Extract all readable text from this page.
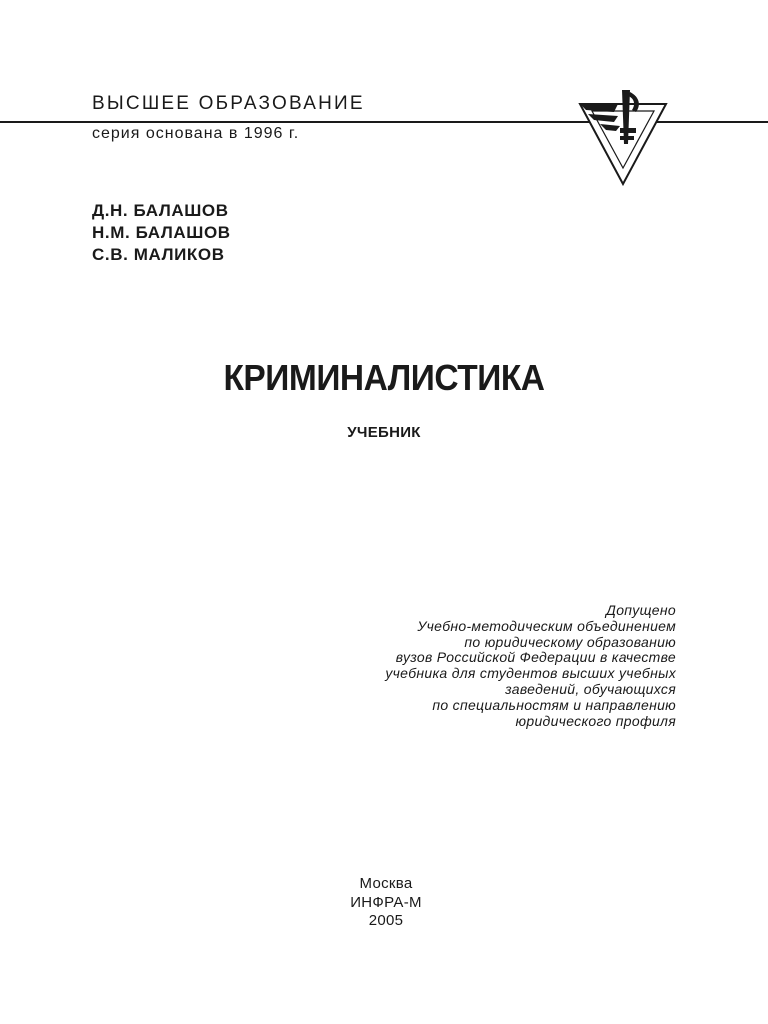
ВЫСШЕЕ ОБРАЗОВАНИЕ
серия основана в 1996 г.
Д.Н. БАЛАШОВ
Н.М. БАЛАШОВ
С.В. МАЛИКОВ
КРИМИНАЛИСТИКА
УЧЕБНИК
Допущено
Учебно-методическим объединением
по юридическому образованию
вузов Российской Федерации в качестве
учебника для студентов высших учебных
заведений, обучающихся
по специальностям и направлению
юридического профиля
Москва
ИНФРА-М
2005
